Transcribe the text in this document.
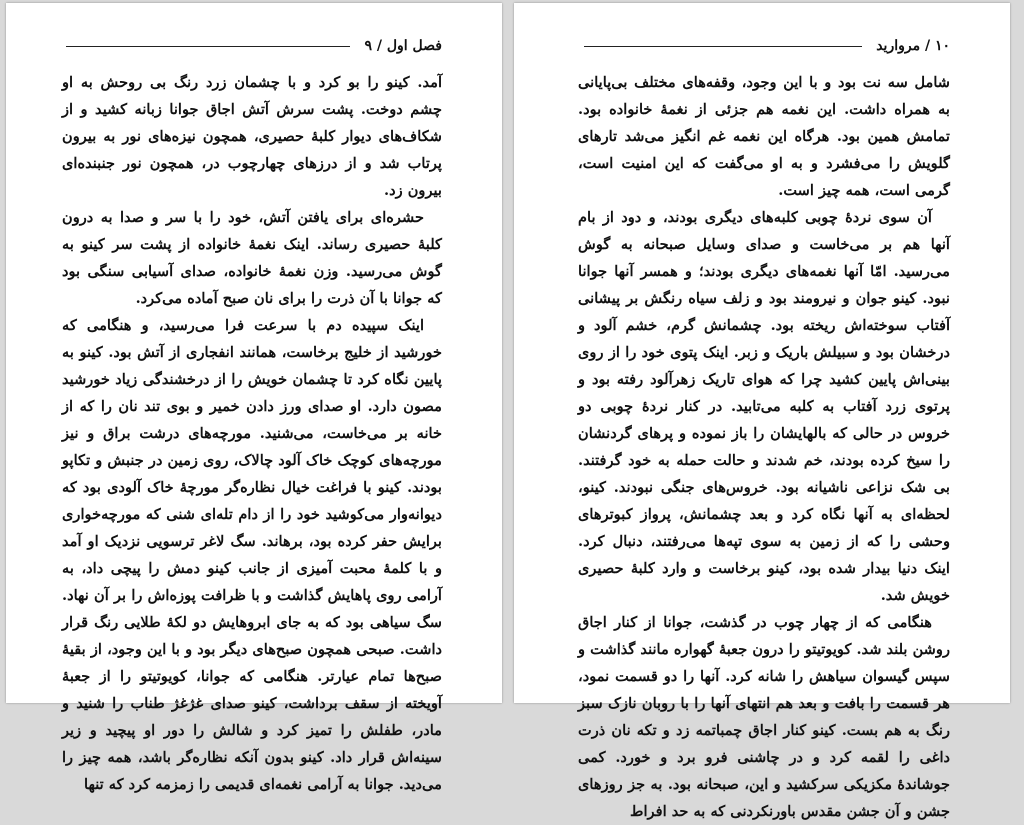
فصل اول / ۹

آمد. کینو را بو کرد و با چشمان زرد رنگ بی روحش به او چشم دوخت. پشت سرش آتش اجاق جوانا زبانه کشید و از شکاف‌های دیوار کلبهٔ حصیری، همچون نیزه‌های نور به بیرون پرتاب شد و از درزهای چهارچوب در، همچون نور جنبنده‌ای بیرون زد.

حشره‌ای برای یافتن آتش، خود را با سر و صدا به درون کلبهٔ حصیری رساند. اینک نغمهٔ خانواده از پشت سر کینو به گوش می‌رسید. وزن نغمهٔ خانواده، صدای آسیابی سنگی بود که جوانا با آن ذرت را برای نان صبح آماده می‌کرد.

اینک سپیده دم با سرعت فرا می‌رسید، و هنگامی که خورشید از خلیج برخاست، همانند انفجاری از آتش بود. کینو به پایین نگاه کرد تا چشمان خویش را از درخشندگی زیاد خورشید مصون دارد. او صدای ورز دادن خمیر و بوی تند نان را که از خانه بر می‌خاست، می‌شنید. مورچه‌های درشت براق و نیز مورچه‌های کوچک خاک آلود چالاک، روی زمین در جنبش و تکاپو بودند. کینو با فراغت خیال نظاره‌گر مورچهٔ خاک آلودی بود که دیوانه‌وار می‌کوشید خود را از دام تله‌ای شنی که مورچه‌خواری برایش حفر کرده بود، برهاند. سگ لاغر ترسویی نزدیک او آمد و با کلمهٔ محبت آمیزی از جانب کینو دمش را پیچی داد، به آرامی روی پاهایش گذاشت و با ظرافت پوزه‌اش را بر آن نهاد. سگ سیاهی بود که به جای ابروهایش دو لکهٔ طلایی رنگ قرار داشت. صبحی همچون صبح‌های دیگر بود و با این وجود، از بقیهٔ صبح‌ها تمام عیارتر. هنگامی که جوانا، کویوتیتو را از جعبهٔ آویخته از سقف برداشت، کینو صدای غژغژ طناب را شنید و مادر، طفلش را تمیز کرد و شالش را دور او پیچید و زیر سینه‌اش قرار داد. کینو بدون آنکه نظاره‌گر باشد، همه چیز را می‌دید. جوانا به آرامی نغمه‌ای قدیمی را زمزمه کرد که تنها

۱۰ / مروارید

شامل سه نت بود و با این وجود، وقفه‌های مختلف بی‌پایانی به همراه داشت. این نغمه هم جزئی از نغمهٔ خانواده بود. تمامش همین بود. هرگاه این نغمه غم انگیز می‌شد تارهای گلویش را می‌فشرد و به او می‌گفت که این امنیت است، گرمی است، همه چیز است.

آن سوی نردهٔ چوبی کلبه‌های دیگری بودند، و دود از بام آنها هم بر می‌خاست و صدای وسایل صبحانه به گوش می‌رسید. امّا آنها نغمه‌های دیگری بودند؛ و همسر آنها جوانا نبود. کینو جوان و نیرومند بود و زلف سیاه رنگش بر پیشانی آفتاب سوخته‌اش ریخته بود. چشمانش گرم، خشم آلود و درخشان بود و سبیلش باریک و زبر. اینک پتوی خود را از روی بینی‌اش پایین کشید چرا که هوای تاریک زهرآلود رفته بود و پرتوی زرد آفتاب به کلبه می‌تابید. در کنار نردهٔ چوبی دو خروس در حالی که بالهایشان را باز نموده و پرهای گردنشان را سیخ کرده بودند، خم شدند و حالت حمله به خود گرفتند. بی شک نزاعی ناشیانه بود. خروس‌های جنگی نبودند. کینو، لحظه‌ای به آنها نگاه کرد و بعد چشمانش، پرواز کبوترهای وحشی را که از زمین به سوی تپه‌ها می‌رفتند، دنبال کرد. اینک دنیا بیدار شده بود، کینو برخاست و وارد کلبهٔ حصیری خویش شد.

هنگامی که از چهار چوب در گذشت، جوانا از کنار اجاق روشن بلند شد. کویوتیتو را درون جعبهٔ گهواره مانند گذاشت و سپس گیسوان سیاهش را شانه کرد. آنها را دو قسمت نمود، هر قسمت را بافت و بعد هم انتهای آنها را با روبان نازک سبز رنگ به هم بست. کینو کنار اجاق چمباتمه زد و تکه نان ذرت داغی را لقمه کرد و در چاشنی فرو برد و خورد. کمی جوشاندهٔ مکزیکی سرکشید و این، صبحانه بود. به جز روزهای جشن و آن جشن مقدس باورنکردنی که به حد افراط
